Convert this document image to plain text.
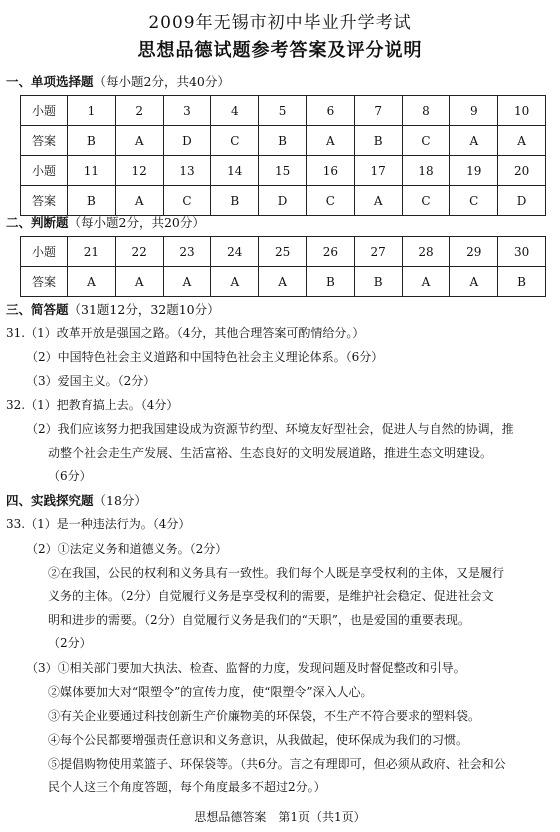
2009年无锡市初中毕业升学考试
思想品德试题参考答案及评分说明
一、单项选择题（每小题2分，共40分）
小题	1	2	3	4	5	6	7	8	9	10
答案	B	A	D	C	B	A	B	C	A	A
小题	11	12	13	14	15	16	17	18	19	20
答案	B	A	C	B	D	C	A	C	C	D
二、判断题（每小题2分，共20分）
小题	21	22	23	24	25	26	27	28	29	30
答案	A	A	A	A	A	B	B	A	A	B
三、简答题（31题12分，32题10分）
31.（1）改革开放是强国之路。（4分，其他合理答案可酌情给分。）
（2）中国特色社会主义道路和中国特色社会主义理论体系。（6分）
（3）爱国主义。（2分）
32.（1）把教育搞上去。（4分）
（2）我们应该努力把我国建设成为资源节约型、环境友好型社会，促进人与自然的协调，推
动整个社会走生产发展、生活富裕、生态良好的文明发展道路，推进生态文明建设。
（6分）
四、实践探究题（18分）
33.（1）是一种违法行为。（4分）
（2）①法定义务和道德义务。（2分）
②在我国，公民的权利和义务具有一致性。我们每个人既是享受权利的主体，又是履行
义务的主体。（2分）自觉履行义务是享受权利的需要，是维护社会稳定、促进社会文
明和进步的需要。（2分）自觉履行义务是我们的“天职”，也是爱国的重要表现。
（2分）
（3）①相关部门要加大执法、检查、监督的力度，发现问题及时督促整改和引导。
②媒体要加大对“限塑令”的宣传力度，使“限塑令”深入人心。
③有关企业要通过科技创新生产价廉物美的环保袋，不生产不符合要求的塑料袋。
④每个公民都要增强责任意识和义务意识，从我做起，使环保成为我们的习惯。
⑤提倡购物使用菜篮子、环保袋等。（共6分。言之有理即可，但必须从政府、社会和公
民个人这三个角度答题，每个角度最多不超过2分。）
思想品德答案　第1页（共1页）
